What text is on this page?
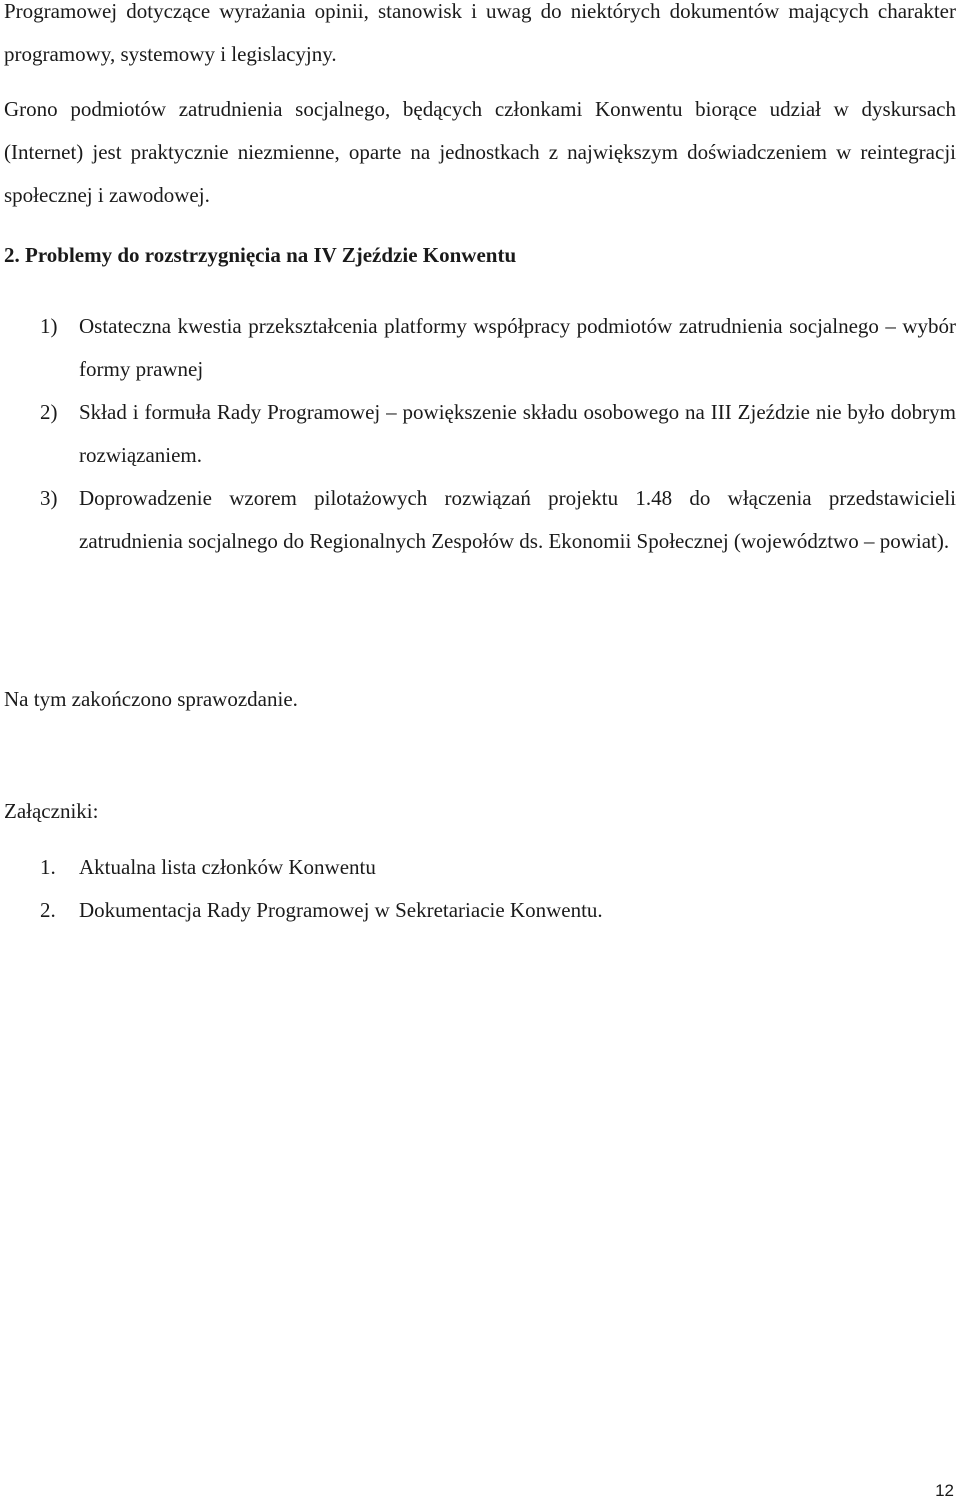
Programowej dotyczące wyrażania opinii, stanowisk i uwag do niektórych dokumentów mających charakter programowy, systemowy i legislacyjny.

Grono podmiotów zatrudnienia socjalnego, będących członkami Konwentu biorące udział w dyskursach (Internet) jest praktycznie niezmienne, oparte na jednostkach z największym doświadczeniem w reintegracji społecznej i zawodowej.

2. Problemy do rozstrzygnięcia na IV Zjeździe Konwentu

1) Ostateczna kwestia przekształcenia platformy współpracy podmiotów zatrudnienia socjalnego – wybór formy prawnej
2) Skład i formuła Rady Programowej – powiększenie składu osobowego na III Zjeździe nie było dobrym rozwiązaniem.
3) Doprowadzenie wzorem pilotażowych rozwiązań projektu 1.48 do włączenia przedstawicieli zatrudnienia socjalnego do Regionalnych Zespołów ds. Ekonomii Społecznej (województwo – powiat).

Na tym zakończono sprawozdanie.

Załączniki:

1. Aktualna lista członków Konwentu
2. Dokumentacja Rady Programowej w Sekretariacie Konwentu.
12
